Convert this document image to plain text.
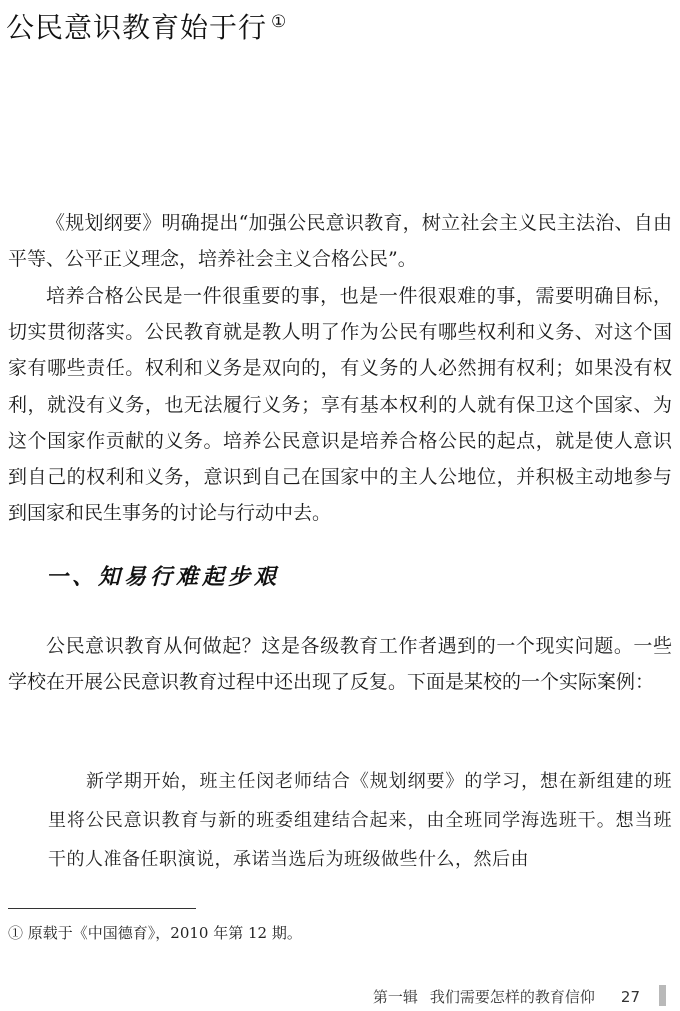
公民意识教育始于行 ①

《规划纲要》明确提出“加强公民意识教育，树立社会主义民主法治、自由平等、公平正义理念，培养社会主义合格公民”。

培养合格公民是一件很重要的事，也是一件很艰难的事，需要明确目标，切实贯彻落实。公民教育就是教人明了作为公民有哪些权利和义务、对这个国家有哪些责任。权利和义务是双向的，有义务的人必然拥有权利；如果没有权利，就没有义务，也无法履行义务；享有基本权利的人就有保卫这个国家、为这个国家作贡献的义务。培养公民意识是培养合格公民的起点，就是使人意识到自己的权利和义务，意识到自己在国家中的主人公地位，并积极主动地参与到国家和民生事务的讨论与行动中去。

一、知易行难起步艰

公民意识教育从何做起？这是各级教育工作者遇到的一个现实问题。一些学校在开展公民意识教育过程中还出现了反复。下面是某校的一个实际案例：

新学期开始，班主任闵老师结合《规划纲要》的学习，想在新组建的班里将公民意识教育与新的班委组建结合起来，由全班同学海选班干。想当班干的人准备任职演说，承诺当选后为班级做些什么，然后由

① 原载于《中国德育》，2010 年第 12 期。
第一辑 我们需要怎样的教育信仰 27
